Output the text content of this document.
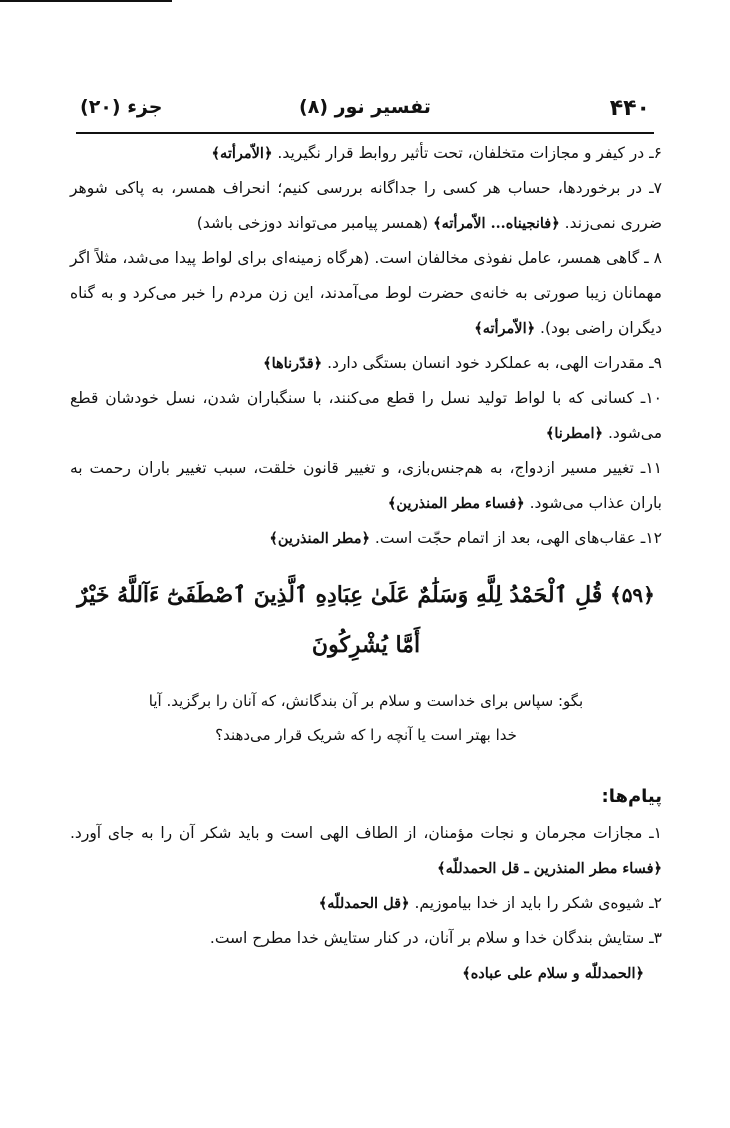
۴۴۰
تفسیر نور (۸)
جزء (۲۰)

۶ـ در کیفر و مجازات متخلفان، تحت تأثیر روابط قرار نگیرید. ﴿الاّمرأته﴾

۷ـ در برخوردها، حساب هر کسی را جداگانه بررسی کنیم؛ انحراف همسر، به پاکی شوهر ضرری نمی‌زند. ﴿فانجیناه... الاّمرأته﴾ (همسر پیامبر می‌تواند دوزخی باشد)

۸ ـ گاهی همسر، عامل نفوذی مخالفان است. (هرگاه زمینه‌ای برای لواط پیدا می‌شد، مثلاً اگر مهمانان زیبا صورتی به خانه‌ی حضرت لوط می‌آمدند، این زن مردم را خبر می‌کرد و به گناه دیگران راضی بود). ﴿الاّمرأته﴾

۹ـ مقدرات الهی، به عملکرد خود انسان بستگی دارد. ﴿قدّرناها﴾

۱۰ـ کسانی که با لواط تولید نسل را قطع می‌کنند، با سنگباران شدن، نسل خودشان قطع می‌شود. ﴿امطرنا﴾

۱۱ـ تغییر مسیر ازدواج، به هم‌جنس‌بازی، و تغییر قانون خلقت، سبب تغییر باران رحمت به باران عذاب می‌شود. ﴿فساء مطر المنذرین﴾

۱۲ـ عقاب‌های الهی، بعد از اتمام حجّت است. ﴿مطر المنذرین﴾

﴿۵۹﴾ قُلِ ٱلْحَمْدُ لِلَّهِ وَسَلَٰمٌ عَلَىٰ عِبَادِهِ ٱلَّذِينَ ٱصْطَفَىٰٓ ءَآللَّهُ خَيْرٌ أَمَّا يُشْرِكُونَ
بگو: سپاس برای خداست و سلام بر آن بندگانش، که آنان را برگزید. آیا
خدا بهتر است یا آنچه را که شریک قرار می‌دهند؟
پیام‌ها:

۱ـ مجازات مجرمان و نجات مؤمنان، از الطاف الهی است و باید شکر آن را به جای آورد. ﴿فساء مطر المنذرین ـ قل الحمدللّه﴾

۲ـ شیوه‌ی شکر را باید از خدا بیاموزیم. ﴿قل الحمدللّه﴾

۳ـ ستایش بندگان خدا و سلام بر آنان، در کنار ستایش خدا مطرح است.

﴿الحمدللّه و سلام علی عباده﴾
